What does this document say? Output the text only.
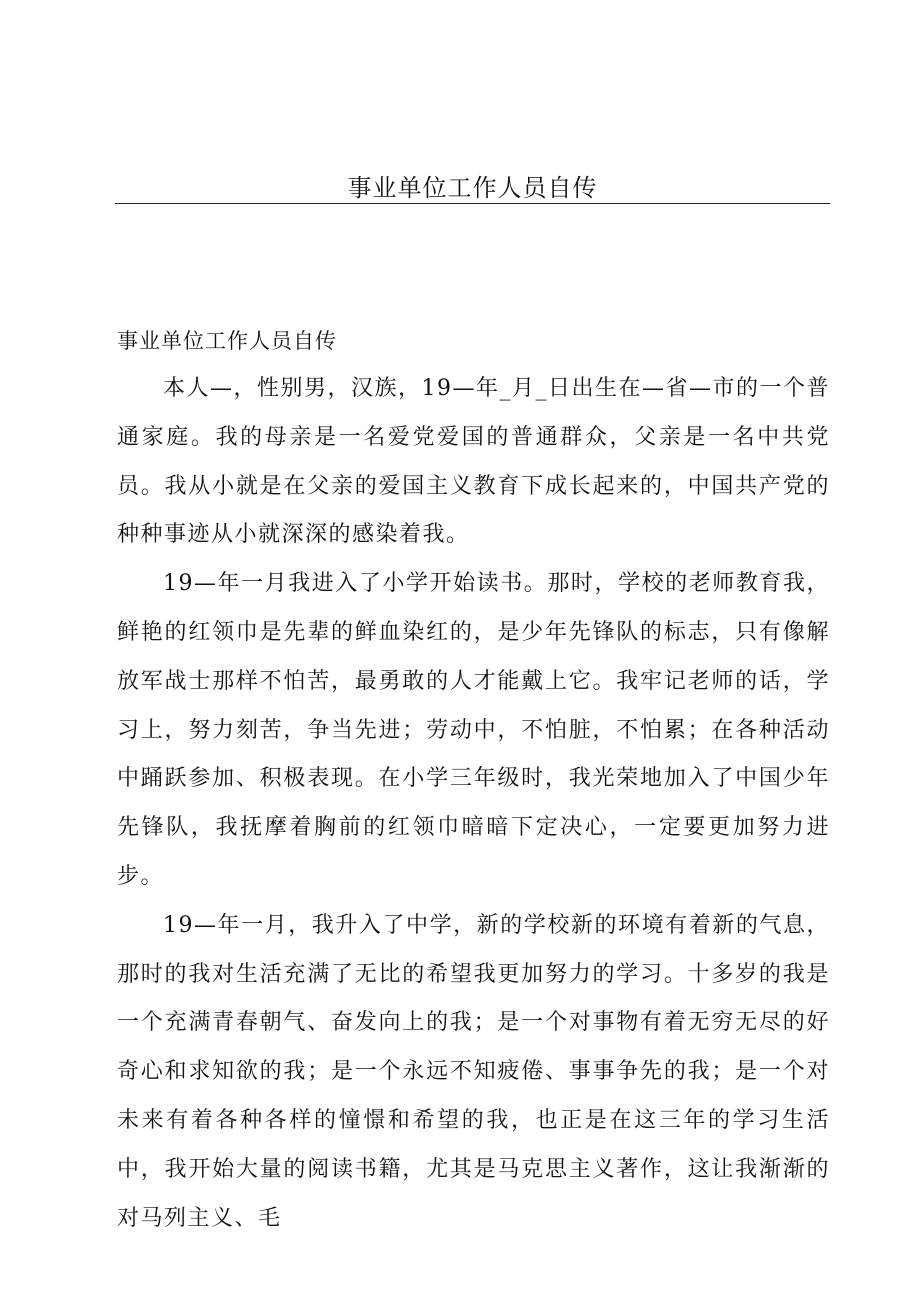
事业单位工作人员自传
事业单位工作人员自传

本人—，性别男，汉族，19—年_月_日出生在—省—市的一个普通家庭。我的母亲是一名爱党爱国的普通群众，父亲是一名中共党员。我从小就是在父亲的爱国主义教育下成长起来的，中国共产党的种种事迹从小就深深的感染着我。

19—年一月我进入了小学开始读书。那时，学校的老师教育我，鲜艳的红领巾是先辈的鲜血染红的，是少年先锋队的标志，只有像解放军战士那样不怕苦，最勇敢的人才能戴上它。我牢记老师的话，学习上，努力刻苦，争当先进；劳动中，不怕脏，不怕累；在各种活动中踊跃参加、积极表现。在小学三年级时，我光荣地加入了中国少年先锋队，我抚摩着胸前的红领巾暗暗下定决心，一定要更加努力进步。

19—年一月，我升入了中学，新的学校新的环境有着新的气息，那时的我对生活充满了无比的希望我更加努力的学习。十多岁的我是一个充满青春朝气、奋发向上的我；是一个对事物有着无穷无尽的好奇心和求知欲的我；是一个永远不知疲倦、事事争先的我；是一个对未来有着各种各样的憧憬和希望的我，也正是在这三年的学习生活中，我开始大量的阅读书籍，尤其是马克思主义著作，这让我渐渐的对马列主义、毛
